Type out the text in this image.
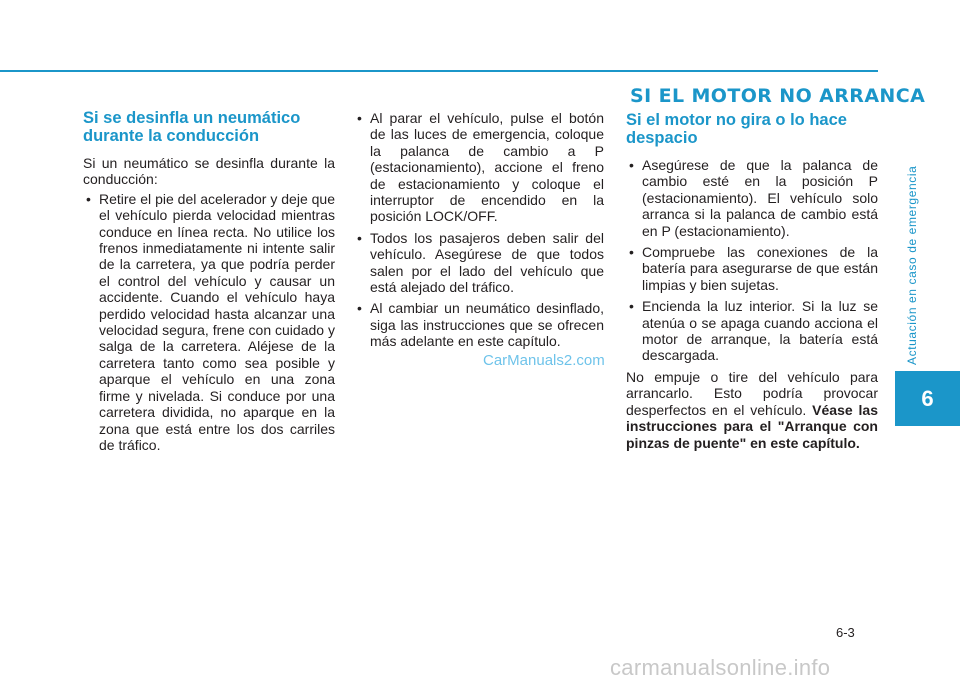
Actuación en caso de emergencia
6
6-3
SI EL MOTOR NO ARRANCA
Si se desinfla un neumático durante la conducción

Si un neumático se desinfla durante la conducción:

• Retire el pie del acelerador y deje que el vehículo pierda velocidad mientras conduce en línea recta. No utilice los frenos inmediatamente ni intente salir de la carretera, ya que podría perder el control del vehículo y causar un accidente. Cuando el vehículo haya perdido velocidad hasta alcanzar una velocidad segura, frene con cuidado y salga de la carretera. Aléjese de la carretera tanto como sea posible y aparque el vehículo en una zona firme y nivelada. Si conduce por una carretera dividida, no aparque en la zona que está entre los dos carriles de tráfico.
• Al parar el vehículo, pulse el botón de las luces de emergencia, coloque la palanca de cambio a P (estacionamiento), accione el freno de estacionamiento y coloque el interruptor de encendido en la posición LOCK/OFF.
• Todos los pasajeros deben salir del vehículo. Asegúrese de que todos salen por el lado del vehículo que está alejado del tráfico.
• Al cambiar un neumático desinflado, siga las instrucciones que se ofrecen más adelante en este capítulo.
Si el motor no gira o lo hace despacio
• Asegúrese de que la palanca de cambio esté en la posición P (estacionamiento). El vehículo solo arranca si la palanca de cambio está en P (estacionamiento).
• Compruebe las conexiones de la batería para asegurarse de que están limpias y bien sujetas.
• Encienda la luz interior. Si la luz se atenúa o se apaga cuando acciona el motor de arranque, la batería está descargada.

No empuje o tire del vehículo para arrancarlo. Esto podría provocar desperfectos en el vehículo. Véase las instrucciones para el "Arranque con pinzas de puente" en este capítulo.

CarManuals2.com
carmanualsonline.info
